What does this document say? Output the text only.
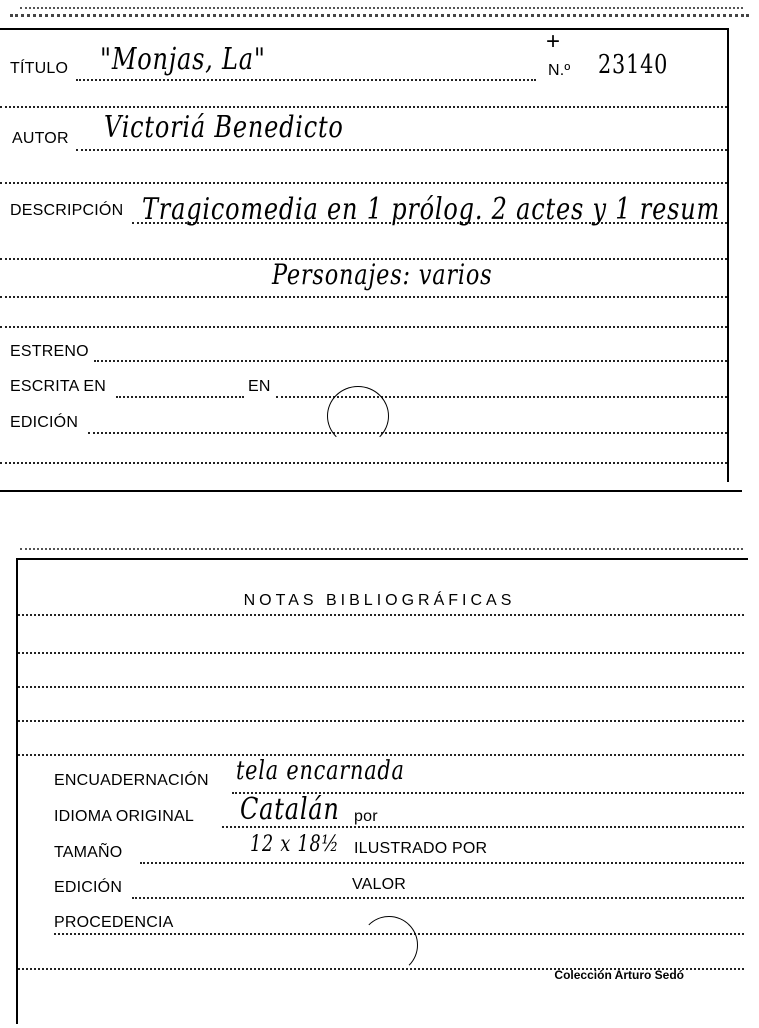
TÍTULO "Monjas, La"
+
N.º 23140
AUTOR Victoriá Benedicto
DESCRIPCIÓN Tragicomedia en 1 prólog. 2 actes y 1 resum
Personajes: varios
ESTRENO
ESCRITA EN	EN
EDICIÓN
NOTAS BIBLIOGRÁFICAS
ENCUADERNACIÓN tela encarnada
IDIOMA ORIGINAL Catalán por
TAMAÑO	12 x 18½ ILUSTRADO POR
EDICIÓN	VALOR
PROCEDENCIA
Colección Arturo Sedó
